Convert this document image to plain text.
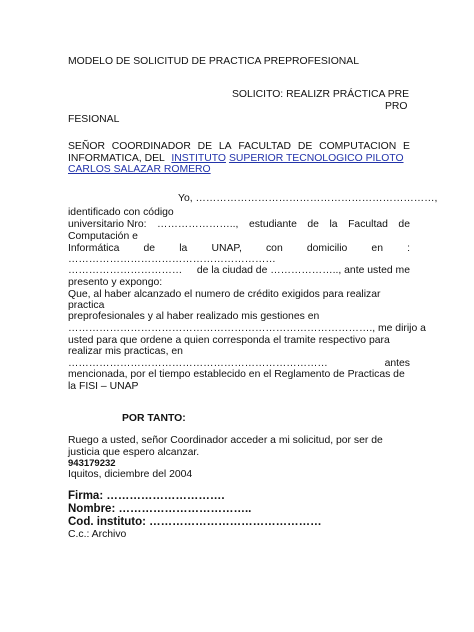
MODELO DE SOLICITUD DE PRACTICA PREPROFESIONAL

SOLICITO: REALIZR PRÁCTICA PRE

PRO

FESIONAL

SEÑOR COORDINADOR DE LA FACULTAD DE COMPUTACION E

INFORMATICA, DEL INSTITUTO SUPERIOR TECNOLOGICO PILOTO

CARLOS SALAZAR ROMERO

Yo, ……………………………………………………………,

identificado con código

universitario Nro: ………………….., estudiante de la Facultad de

Computación e

Informática de la UNAP, con domicilio en :

……………………………………………………

…………………………… de la ciudad de ……………….., ante usted me

presento y expongo:

Que, al haber alcanzado el numero de crédito exigidos para realizar

practica

preprofesionales y al haber realizado mis gestiones en

……………………………………………………………………………., me dirijo a

usted para que ordene a quien corresponda el tramite respectivo para

realizar mis practicas, en

…………………………………………………………………	antes

mencionada, por el tiempo establecido en el Reglamento de Practicas de

la FISI – UNAP

POR TANTO:

Ruego a usted, señor Coordinador acceder a mi solicitud, por ser de

justicia que espero alcanzar.

943179232

Iquitos, diciembre del 2004

Firma: ………………………….

Nombre: ……………………………..

Cod. instituto: ………………………………………

C.c.: Archivo
